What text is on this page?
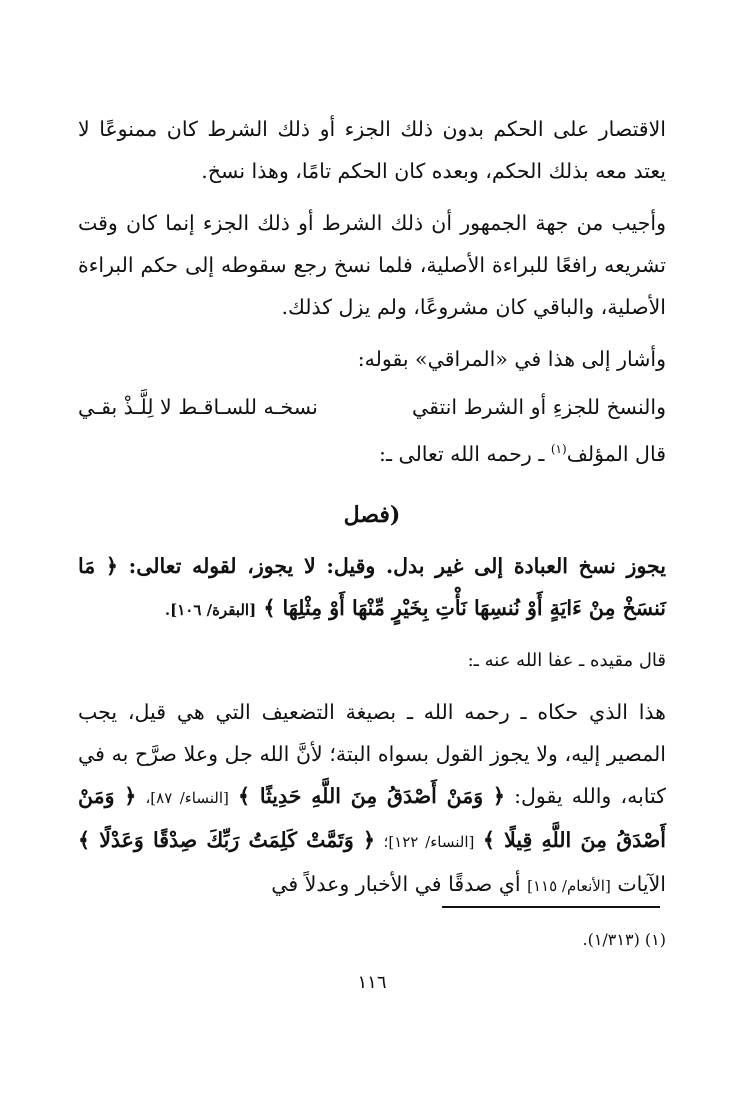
الاقتصار على الحكم بدون ذلك الجزء أو ذلك الشرط كان ممنوعًا لا يعتد معه بذلك الحكم، وبعده كان الحكم تامًا، وهذا نسخ.

وأجيب من جهة الجمهور أن ذلك الشرط أو ذلك الجزء إنما كان وقت تشريعه رافعًا للبراءة الأصلية، فلما نسخ رجع سقوطه إلى حكم البراءة الأصلية، والباقي كان مشروعًا، ولم يزل كذلك.

وأشار إلى هذا في «المراقي» بقوله:

والنسخ للجزءِ أو الشرط انتقي
نسخـه للسـاقـط لا لِلَّـذْ بقـي

قال المؤلف$^{(١)}$ ـ رحمه الله تعالى ـ:

(فصل

يجوز نسخ العبادة إلى غير بدل. وقيل: لا يجوز، لقوله تعالى: ﴿ مَا نَنسَخْ مِنْ ءَايَةٍ أَوْ نُنسِهَا نَأْتِ بِخَيْرٍ مِّنْهَا أَوْ مِثْلِهَا ﴾ [البقرة/ ١٠٦].

قال مقيده ـ عفا الله عنه ـ:

هذا الذي حكاه ـ رحمه الله ـ بصيغة التضعيف التي هي قيل، يجب المصير إليه، ولا يجوز القول بسواه البتة؛ لأنَّ الله جل وعلا صرَّح به في كتابه، والله يقول: ﴿ وَمَنْ أَصْدَقُ مِنَ اللَّهِ حَدِيثًا ﴾ [النساء/ ٨٧]، ﴿ وَمَنْ أَصْدَقُ مِنَ اللَّهِ قِيلًا ﴾ [النساء/ ١٢٢]؛ ﴿ وَتَمَّتْ كَلِمَتُ رَبِّكَ صِدْقًا وَعَدْلًا ﴾ الآيات [الأنعام/ ١١٥] أي صدقًا في الأخبار وعدلاً في

(١) (١/٣١٣).
١١٦
